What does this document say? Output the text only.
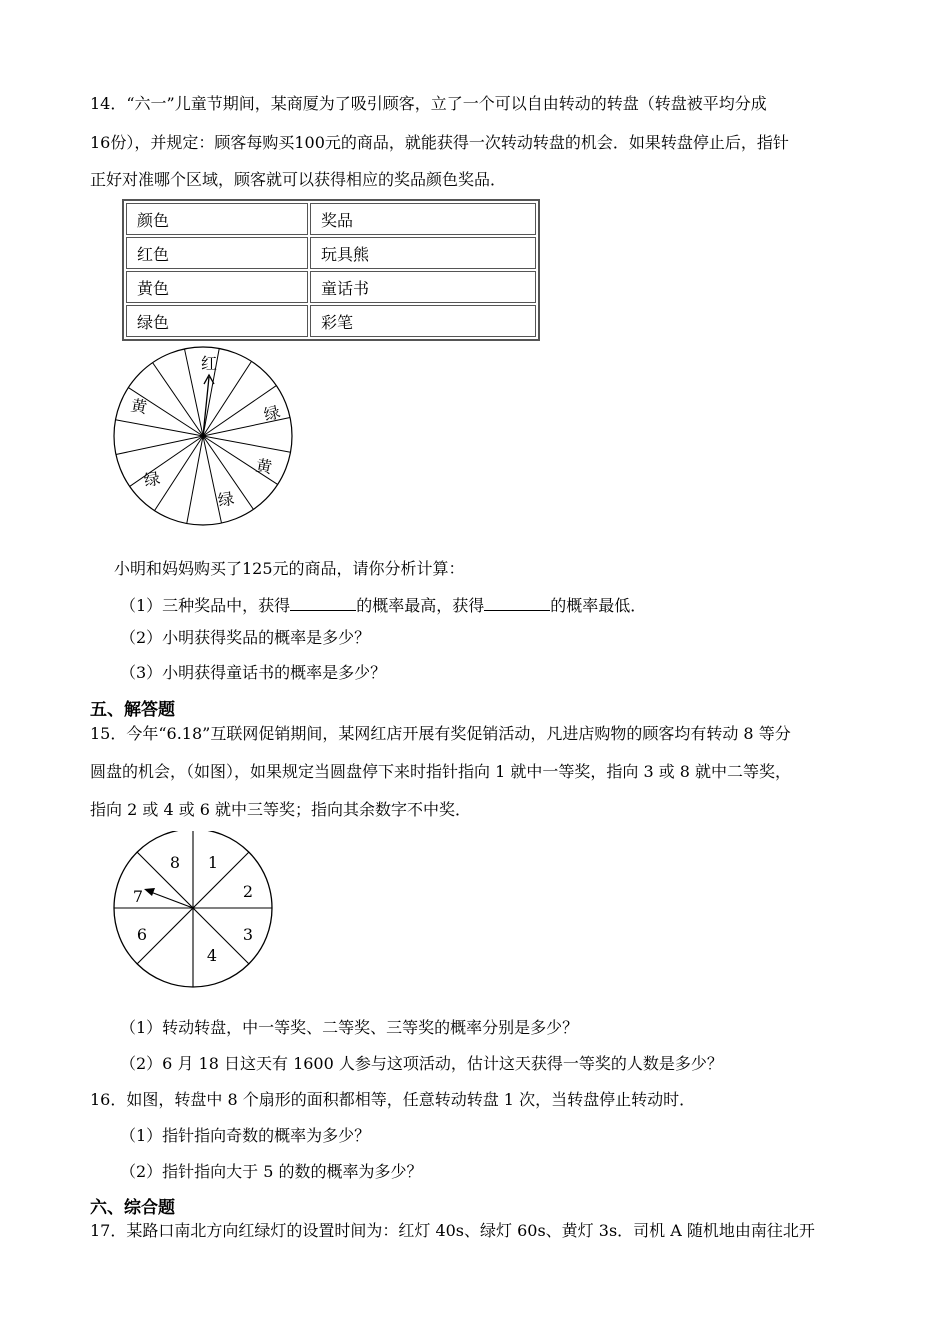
14．“六一”儿童节期间，某商厦为了吸引顾客，立了一个可以自由转动的转盘（转盘被平均分成
16份），并规定：顾客每购买100元的商品，就能获得一次转动转盘的机会．如果转盘停止后，指针
正好对准哪个区域，顾客就可以获得相应的奖品颜色奖品．
颜色	奖品
红色	玩具熊
黄色	童话书
绿色	彩笔
红
绿
黄
绿
绿
黄
小明和妈妈购买了125元的商品，请你分析计算：
（1）三种奖品中，获得	的概率最高，获得	的概率最低．
（2）小明获得奖品的概率是多少？
（3）小明获得童话书的概率是多少？
五、解答题
15．今年“6.18”互联网促销期间，某网红店开展有奖促销活动，凡进店购物的顾客均有转动 8 等分
圆盘的机会，（如图），如果规定当圆盘停下来时指针指向 1 就中一等奖，指向 3 或 8 就中二等奖，
指向 2 或 4 或 6 就中三等奖；指向其余数字不中奖．
1
2
3
4
6
7
8
（1）转动转盘，中一等奖、二等奖、三等奖的概率分别是多少？
（2）6 月 18 日这天有 1600 人参与这项活动，估计这天获得一等奖的人数是多少？
16．如图，转盘中 8 个扇形的面积都相等，任意转动转盘 1 次，当转盘停止转动时．
（1）指针指向奇数的概率为多少？
（2）指针指向大于 5 的数的概率为多少？
六、综合题
17．某路口南北方向红绿灯的设置时间为：红灯 40s、绿灯 60s、黄灯 3s．司机 A 随机地由南往北开
